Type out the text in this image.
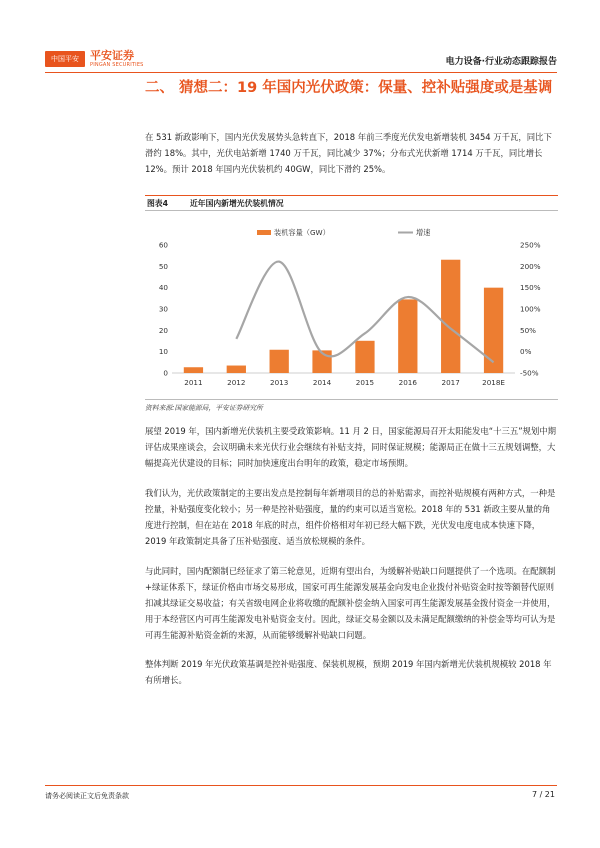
中国平安	平安证券
PINGAN SECURITIES	电力设备·行业动态跟踪报告
二、 猜想二：19 年国内光伏政策：保量、控补贴强度或是基调
在 531 新政影响下，国内光伏发展势头急转直下，2018 年前三季度光伏发电新增装机 3454 万千瓦，同比下滑约 18%。其中，光伏电站新增 1740 万千瓦，同比减少 37%；分布式光伏新增 1714 万千瓦，同比增长 12%。预计 2018 年国内光伏装机约 40GW，同比下滑约 25%。
图表4	近年国内新增光伏装机情况
装机容量（GW）	增速
60
50
40
30
20
10
0
250%
200%
150%
100%
50%
0%
-50%
2011	2012	2013	2014	2015	2016	2017	2018E
资料来源:国家能源局，平安证券研究所
展望 2019 年，国内新增光伏装机主要受政策影响。11 月 2 日，国家能源局召开太阳能发电“十三五”规划中期评估成果座谈会，会议明确未来光伏行业会继续有补贴支持，同时保证规模；能源局正在做十三五规划调整，大幅提高光伏建设的目标；同时加快速度出台明年的政策，稳定市场预期。
我们认为，光伏政策制定的主要出发点是控制每年新增项目的总的补贴需求，而控补贴规模有两种方式，一种是控量，补贴强度变化较小；另一种是控补贴强度，量的约束可以适当宽松。2018 年的 531 新政主要从量的角度进行控制，但在站在 2018 年底的时点，组件价格相对年初已经大幅下跌，光伏发电度电成本快速下降，2019 年政策制定具备了压补贴强度、适当放松规模的条件。
与此同时，国内配额制已经征求了第三轮意见，近期有望出台，为缓解补贴缺口问题提供了一个选项。在配额制+绿证体系下，绿证价格由市场交易形成，国家可再生能源发展基金向发电企业拨付补贴资金时按等额替代原则扣减其绿证交易收益；有关省级电网企业将收缴的配额补偿金纳入国家可再生能源发展基金拨付资金一并使用，用于本经营区内可再生能源发电补贴资金支付。因此，绿证交易金额以及未满足配额缴纳的补偿金等均可认为是可再生能源补贴资金新的来源，从而能够缓解补贴缺口问题。
整体判断 2019 年光伏政策基调是控补贴强度、保装机规模，预期 2019 年国内新增光伏装机规模较 2018 年有所增长。
请务必阅读正文后免责条款	7 / 21
